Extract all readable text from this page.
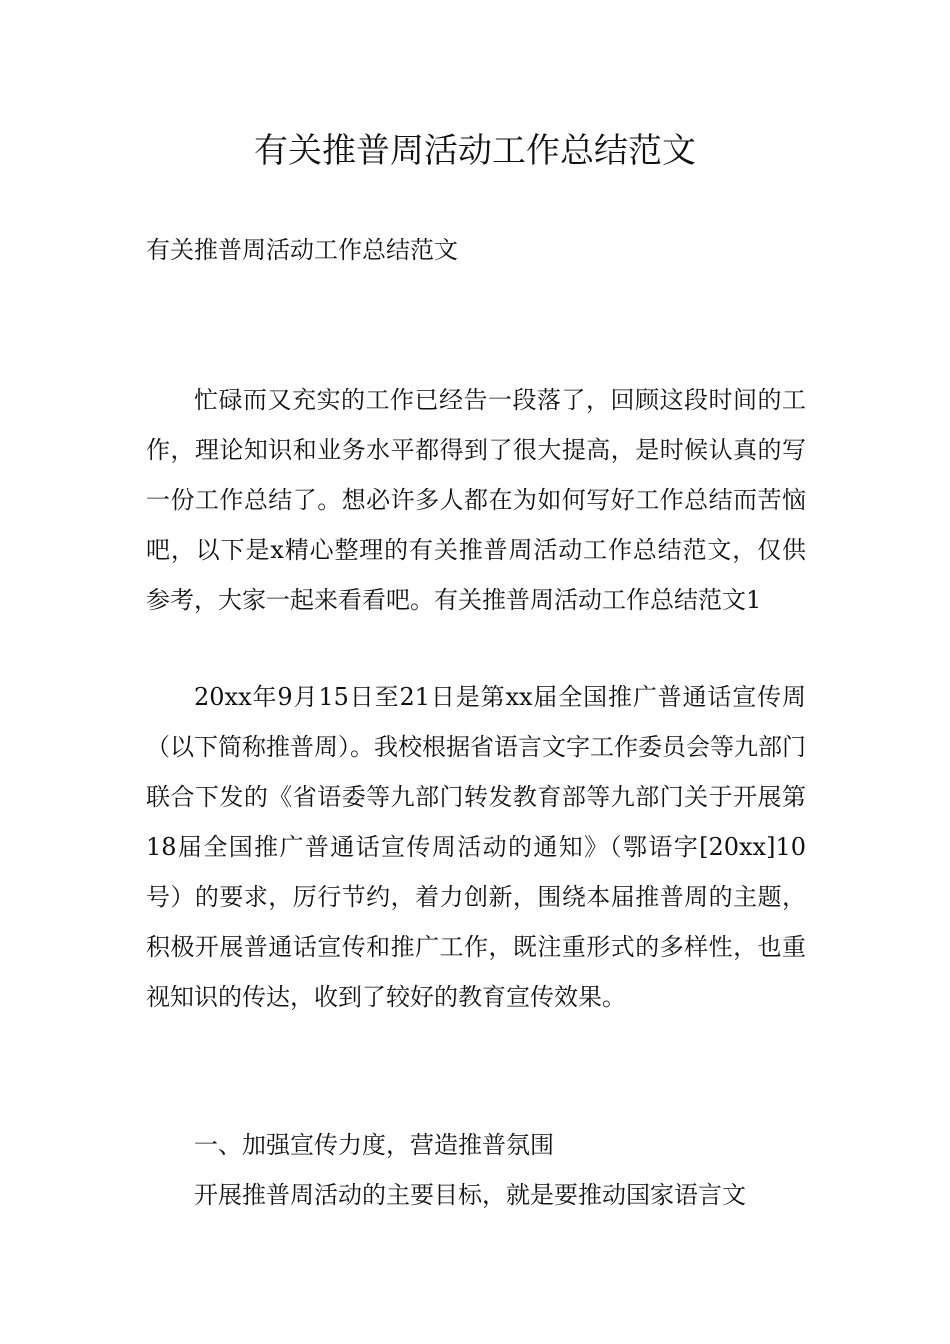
有关推普周活动工作总结范文

有关推普周活动工作总结范文

忙碌而又充实的工作已经告一段落了，回顾这段时间的工作，理论知识和业务水平都得到了很大提高，是时候认真的写一份工作总结了。想必许多人都在为如何写好工作总结而苦恼吧，以下是x精心整理的有关推普周活动工作总结范文，仅供参考，大家一起来看看吧。有关推普周活动工作总结范文1

20xx年9月15日至21日是第xx届全国推广普通话宣传周（以下简称推普周）。我校根据省语言文字工作委员会等九部门联合下发的《省语委等九部门转发教育部等九部门关于开展第18届全国推广普通话宣传周活动的通知》（鄂语字[20xx]10号）的要求，厉行节约，着力创新，围绕本届推普周的主题，积极开展普通话宣传和推广工作，既注重形式的多样性，也重视知识的传达，收到了较好的教育宣传效果。

一、加强宣传力度，营造推普氛围

开展推普周活动的主要目标，就是要推动国家语言文
